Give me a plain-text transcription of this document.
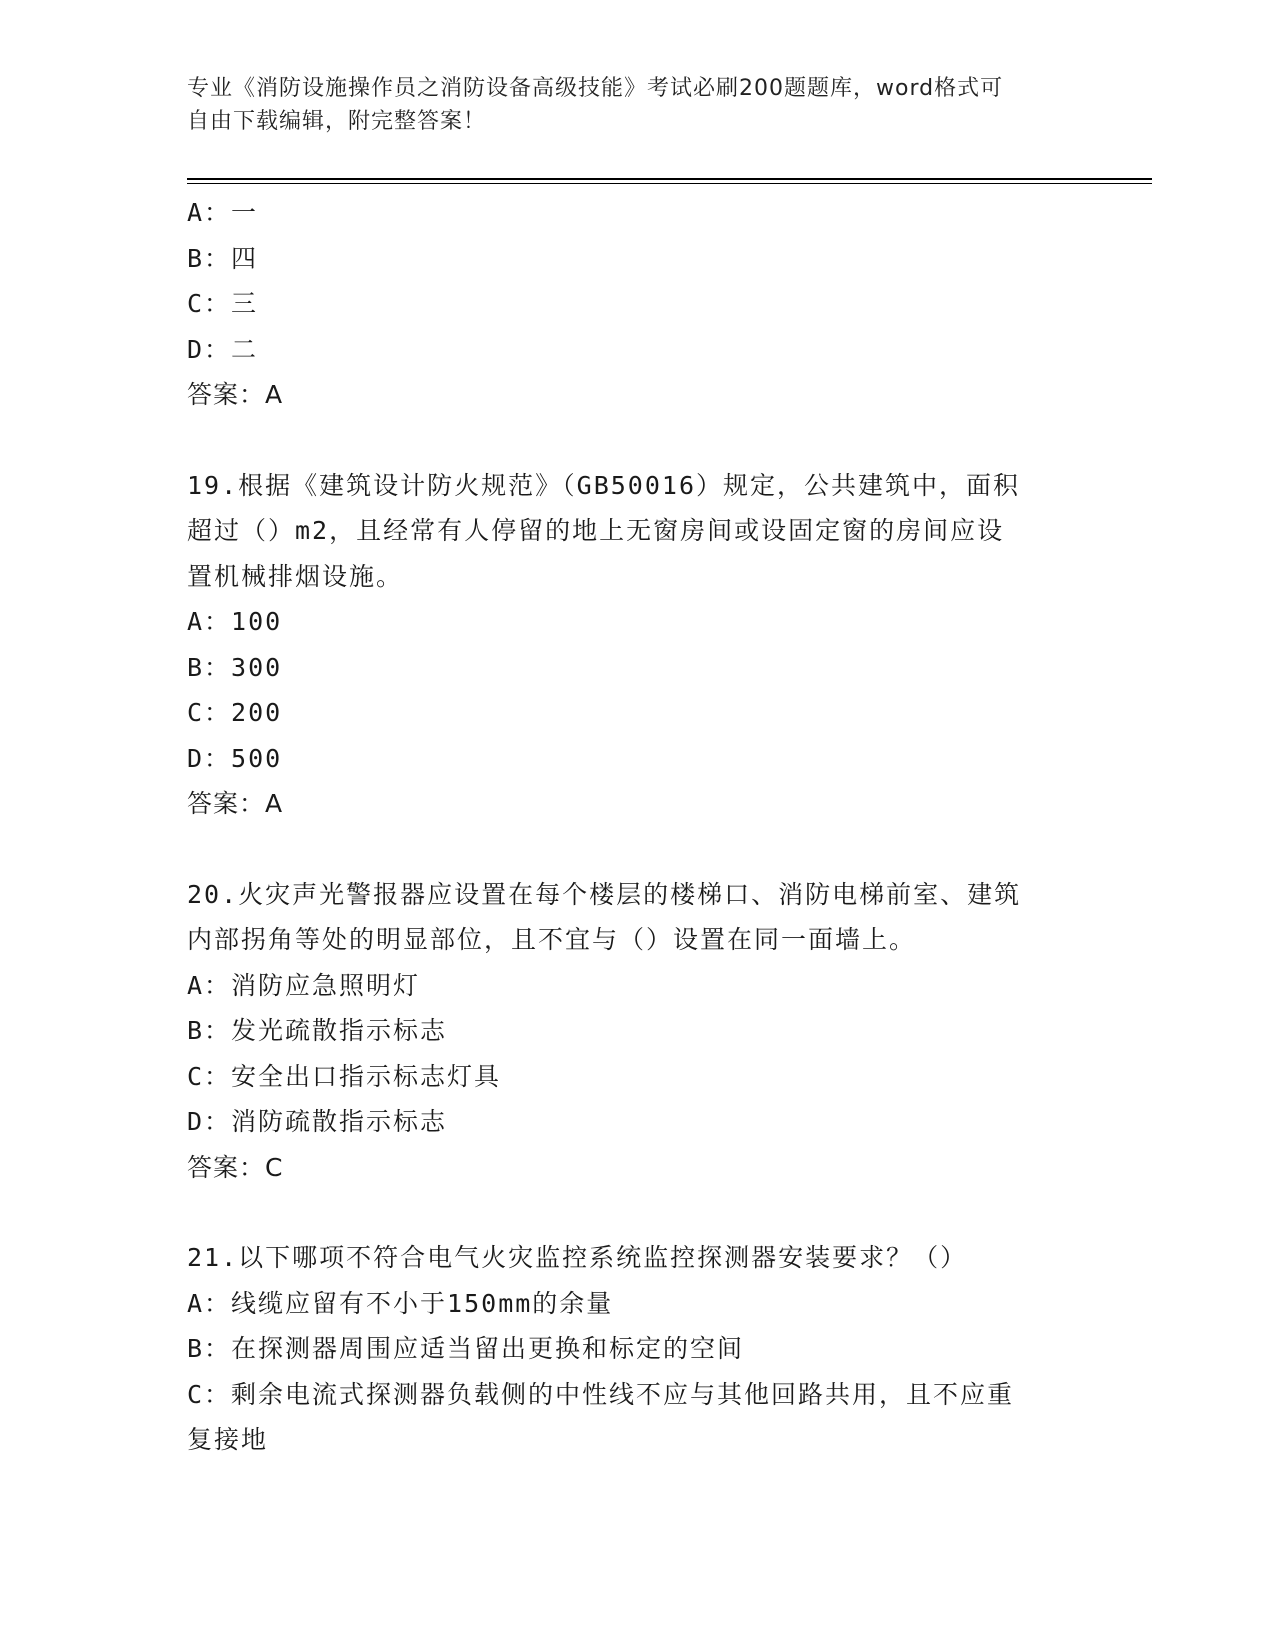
专业《消防设施操作员之消防设备高级技能》考试必刷200题题库，word格式可
自由下载编辑，附完整答案！
A：一
B：四
C：三
D：二
答案：A
19.根据《建筑设计防火规范》（GB50016）规定，公共建筑中，面积
超过（）m2，且经常有人停留的地上无窗房间或设固定窗的房间应设
置机械排烟设施。
A：100
B：300
C：200
D：500
答案：A
20.火灾声光警报器应设置在每个楼层的楼梯口、消防电梯前室、建筑
内部拐角等处的明显部位，且不宜与（）设置在同一面墙上。
A：消防应急照明灯
B：发光疏散指示标志
C：安全出口指示标志灯具
D：消防疏散指示标志
答案：C
21.以下哪项不符合电气火灾监控系统监控探测器安装要求？（）
A：线缆应留有不小于150mm的余量
B：在探测器周围应适当留出更换和标定的空间
C：剩余电流式探测器负载侧的中性线不应与其他回路共用，且不应重
复接地
